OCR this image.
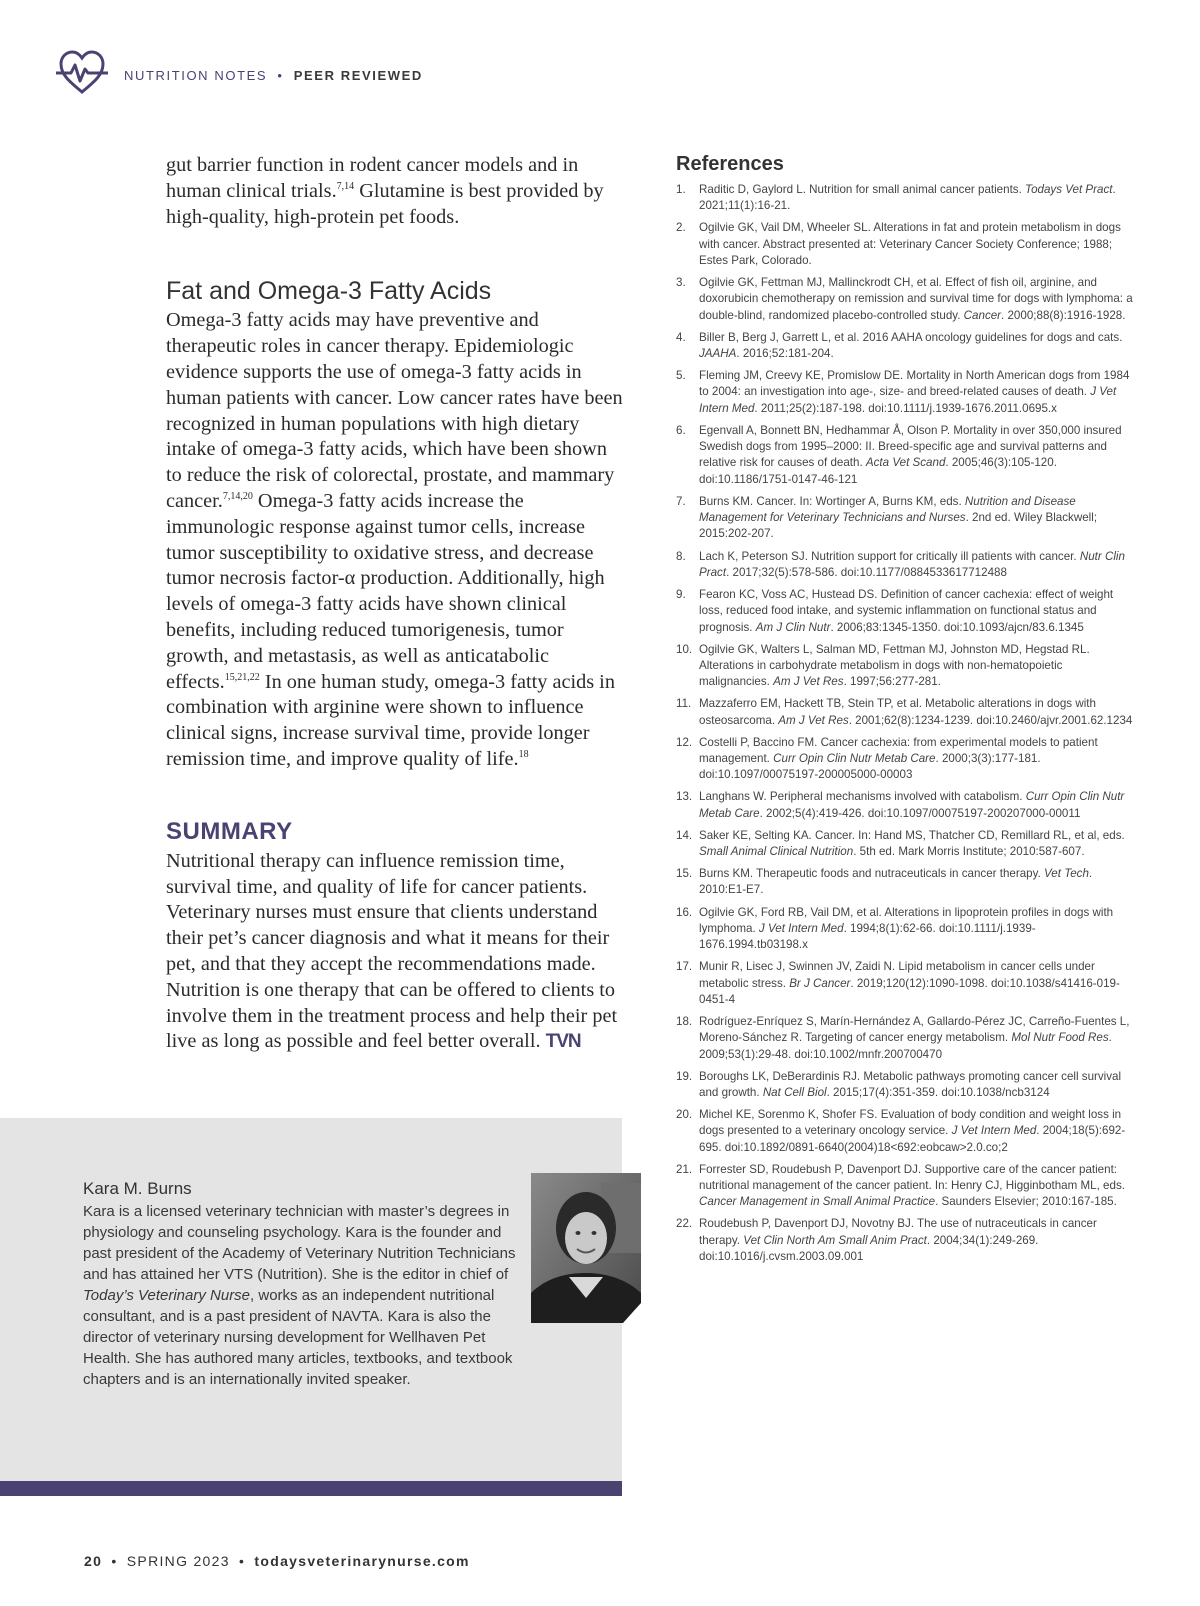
NUTRITION NOTES • PEER REVIEWED

gut barrier function in rodent cancer models and in human clinical trials.$^{7,14}$ Glutamine is best provided by high-quality, high-protein pet foods.

Fat and Omega-3 Fatty Acids

Omega-3 fatty acids may have preventive and therapeutic roles in cancer therapy. Epidemiologic evidence supports the use of omega-3 fatty acids in human patients with cancer. Low cancer rates have been recognized in human populations with high dietary intake of omega-3 fatty acids, which have been shown to reduce the risk of colorectal, prostate, and mammary cancer.$^{7,14,20}$ Omega-3 fatty acids increase the immunologic response against tumor cells, increase tumor susceptibility to oxidative stress, and decrease tumor necrosis factor-α production. Additionally, high levels of omega-3 fatty acids have shown clinical benefits, including reduced tumorigenesis, tumor growth, and metastasis, as well as anticatabolic effects.$^{15,21,22}$ In one human study, omega-3 fatty acids in combination with arginine were shown to influence clinical signs, increase survival time, provide longer remission time, and improve quality of life.$^{18}$

SUMMARY

Nutritional therapy can influence remission time, survival time, and quality of life for cancer patients. Veterinary nurses must ensure that clients understand their pet’s cancer diagnosis and what it means for their pet, and that they accept the recommendations made. Nutrition is one therapy that can be offered to clients to involve them in the treatment process and help their pet live as long as possible and feel better overall. TVN

References
1. Raditic D, Gaylord L. Nutrition for small animal cancer patients. Todays Vet Pract. 2021;11(1):16-21.
2. Ogilvie GK, Vail DM, Wheeler SL. Alterations in fat and protein metabolism in dogs with cancer. Abstract presented at: Veterinary Cancer Society Conference; 1988; Estes Park, Colorado.
3. Ogilvie GK, Fettman MJ, Mallinckrodt CH, et al. Effect of fish oil, arginine, and doxorubicin chemotherapy on remission and survival time for dogs with lymphoma: a double-blind, randomized placebo-controlled study. Cancer. 2000;88(8):1916-1928.
4. Biller B, Berg J, Garrett L, et al. 2016 AAHA oncology guidelines for dogs and cats. JAAHA. 2016;52:181-204.
5. Fleming JM, Creevy KE, Promislow DE. Mortality in North American dogs from 1984 to 2004: an investigation into age-, size- and breed-related causes of death. J Vet Intern Med. 2011;25(2):187-198. doi:10.1111/j.1939-1676.2011.0695.x
6. Egenvall A, Bonnett BN, Hedhammar Å, Olson P. Mortality in over 350,000 insured Swedish dogs from 1995–2000: II. Breed-specific age and survival patterns and relative risk for causes of death. Acta Vet Scand. 2005;46(3):105-120. doi:10.1186/1751-0147-46-121
7. Burns KM. Cancer. In: Wortinger A, Burns KM, eds. Nutrition and Disease Management for Veterinary Technicians and Nurses. 2nd ed. Wiley Blackwell; 2015:202-207.
8. Lach K, Peterson SJ. Nutrition support for critically ill patients with cancer. Nutr Clin Pract. 2017;32(5):578-586. doi:10.1177/0884533617712488
9. Fearon KC, Voss AC, Hustead DS. Definition of cancer cachexia: effect of weight loss, reduced food intake, and systemic inflammation on functional status and prognosis. Am J Clin Nutr. 2006;83:1345-1350. doi:10.1093/ajcn/83.6.1345
10. Ogilvie GK, Walters L, Salman MD, Fettman MJ, Johnston MD, Hegstad RL. Alterations in carbohydrate metabolism in dogs with non-hematopoietic malignancies. Am J Vet Res. 1997;56:277-281.
11. Mazzaferro EM, Hackett TB, Stein TP, et al. Metabolic alterations in dogs with osteosarcoma. Am J Vet Res. 2001;62(8):1234-1239. doi:10.2460/ajvr.2001.62.1234
12. Costelli P, Baccino FM. Cancer cachexia: from experimental models to patient management. Curr Opin Clin Nutr Metab Care. 2000;3(3):177-181. doi:10.1097/00075197-200005000-00003
13. Langhans W. Peripheral mechanisms involved with catabolism. Curr Opin Clin Nutr Metab Care. 2002;5(4):419-426. doi:10.1097/00075197-200207000-00011
14. Saker KE, Selting KA. Cancer. In: Hand MS, Thatcher CD, Remillard RL, et al, eds. Small Animal Clinical Nutrition. 5th ed. Mark Morris Institute; 2010:587-607.
15. Burns KM. Therapeutic foods and nutraceuticals in cancer therapy. Vet Tech. 2010:E1-E7.
16. Ogilvie GK, Ford RB, Vail DM, et al. Alterations in lipoprotein profiles in dogs with lymphoma. J Vet Intern Med. 1994;8(1):62-66. doi:10.1111/j.1939-1676.1994.tb03198.x
17. Munir R, Lisec J, Swinnen JV, Zaidi N. Lipid metabolism in cancer cells under metabolic stress. Br J Cancer. 2019;120(12):1090-1098. doi:10.1038/s41416-019-0451-4
18. Rodríguez-Enríquez S, Marín-Hernández A, Gallardo-Pérez JC, Carreño-Fuentes L, Moreno-Sánchez R. Targeting of cancer energy metabolism. Mol Nutr Food Res. 2009;53(1):29-48. doi:10.1002/mnfr.200700470
19. Boroughs LK, DeBerardinis RJ. Metabolic pathways promoting cancer cell survival and growth. Nat Cell Biol. 2015;17(4):351-359. doi:10.1038/ncb3124
20. Michel KE, Sorenmo K, Shofer FS. Evaluation of body condition and weight loss in dogs presented to a veterinary oncology service. J Vet Intern Med. 2004;18(5):692-695. doi:10.1892/0891-6640(2004)18<692:eobcaw>2.0.co;2
21. Forrester SD, Roudebush P, Davenport DJ. Supportive care of the cancer patient: nutritional management of the cancer patient. In: Henry CJ, Higginbotham ML, eds. Cancer Management in Small Animal Practice. Saunders Elsevier; 2010:167-185.
22. Roudebush P, Davenport DJ, Novotny BJ. The use of nutraceuticals in cancer therapy. Vet Clin North Am Small Anim Pract. 2004;34(1):249-269. doi:10.1016/j.cvsm.2003.09.001
Kara M. Burns

Kara is a licensed veterinary technician with master’s degrees in physiology and counseling psychology. Kara is the founder and past president of the Academy of Veterinary Nutrition Technicians and has attained her VTS (Nutrition). She is the editor in chief of Today’s Veterinary Nurse, works as an independent nutritional consultant, and is a past president of NAVTA. Kara is also the director of veterinary nursing development for Wellhaven Pet Health. She has authored many articles, textbooks, and textbook chapters and is an internationally invited speaker.

20 • SPRING 2023 • todaysveterinarynurse.com
